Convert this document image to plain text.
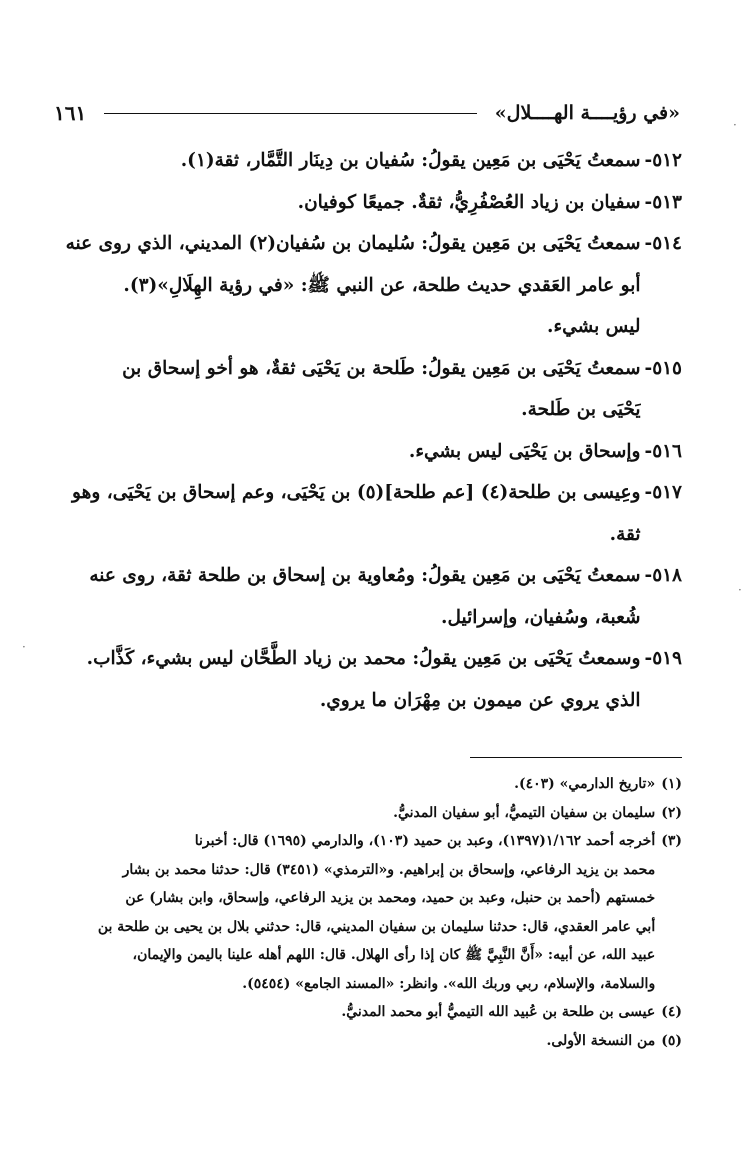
«في رؤيــــة الهــــلال»
١٦١
٥١٢-
سمعتُ يَحْيَى بن مَعِين يقولُ: سُفيان بن دِينَار التَّمَّار، ثقة(١).
٥١٣-
سفيان بن زياد العُصْفُرِيُّ، ثقةٌ. جميعًا كوفيان.
٥١٤-
سمعتُ يَحْيَى بن مَعِين يقولُ: سُليمان بن سُفيان(٢) المديني، الذي روى عنه
أبو عامر العَقدي حديث طلحة، عن النبي ﷺ: «في رؤية الهِلَالِ»(٣).
ليس بشيء.
٥١٥-
سمعتُ يَحْيَى بن مَعِين يقولُ: طَلحة بن يَحْيَى ثقةٌ، هو أخو إسحاق بن
يَحْيَى بن طَلحة.
٥١٦-
وإسحاق بن يَحْيَى ليس بشيء.
٥١٧-
وعِيسى بن طلحة(٤) [عم طلحة](٥) بن يَحْيَى، وعم إسحاق بن يَحْيَى، وهو
ثقة.
٥١٨-
سمعتُ يَحْيَى بن مَعِين يقولُ: ومُعاوية بن إسحاق بن طلحة ثقة، روى عنه
شُعبة، وسُفيان، وإسرائيل.
٥١٩-
وسمعتُ يَحْيَى بن مَعِين يقولُ: محمد بن زياد الطَّحَّان ليس بشيء، كَذَّاب.
الذي يروي عن ميمون بن مِهْرَان ما يروي.
(١)
«تاريخ الدارمي» (٤٠٣).
(٢)
سليمان بن سفيان التيميُّ، أبو سفيان المدنيُّ.
(٣)
أخرجه أحمد ١/١٦٢(١٣٩٧)، وعبد بن حميد (١٠٣)، والدارمي (١٦٩٥) قال: أخبرنا
محمد بن يزيد الرفاعي، وإسحاق بن إبراهيم. و«الترمذي» (٣٤٥١) قال: حدثنا محمد بن بشار
خمستهم (أحمد بن حنبل، وعبد بن حميد، ومحمد بن يزيد الرفاعي، وإسحاق، وابن بشار) عن
أبي عامر العقدي، قال: حدثنا سليمان بن سفيان المديني، قال: حدثني بلال بن يحيى بن طلحة بن
عبيد الله، عن أبيه: «أَنَّ النَّبِيَّ ﷺ كان إذا رأى الهلال. قال: اللهم أهله علينا باليمن والإيمان،
والسلامة، والإسلام، ربي وربك الله». وانظر: «المسند الجامع» (٥٤٥٤).
(٤)
عيسى بن طلحة بن عُبيد الله التيميُّ أبو محمد المدنيُّ.
(٥)
من النسخة الأولى.
·
·
·
